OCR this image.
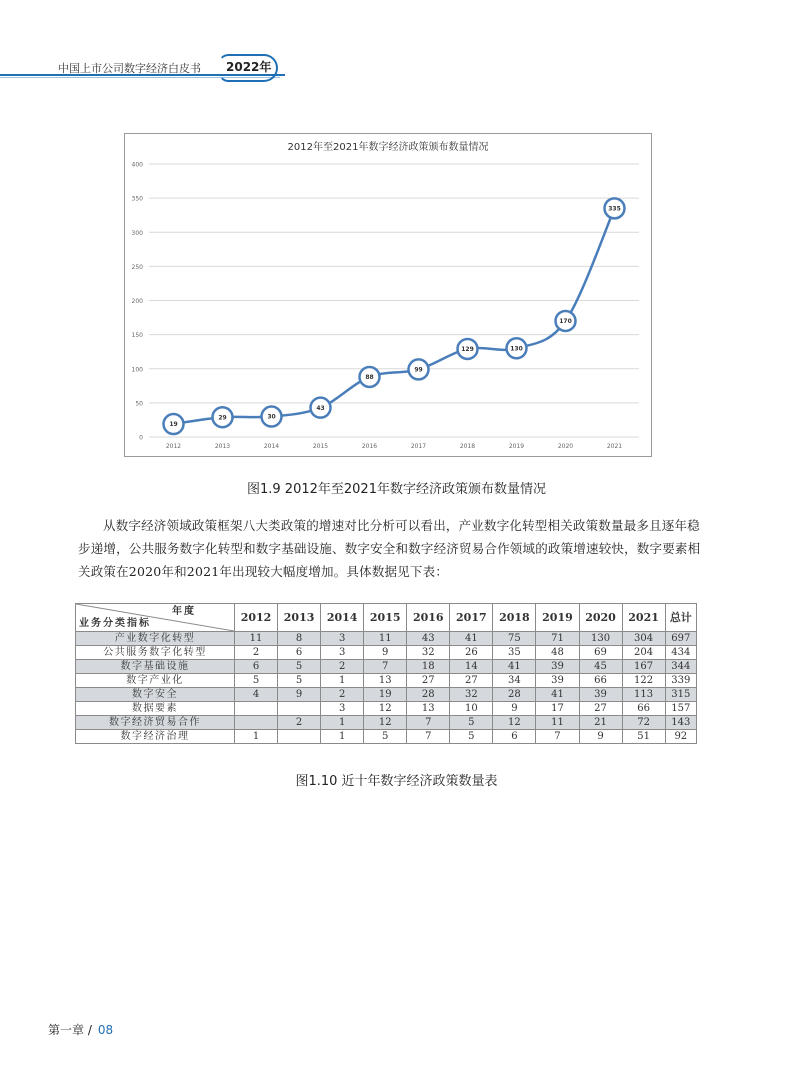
中国上市公司数字经济白皮书 2022年
2012年至2021年数字经济政策颁布数量情况
0
50
100
150
200
250
300
350
400
2012	2013	2014	2015	2016	2017	2018	2019	2020	2021
19
29	30
43
88
99
129	130
170
335
图1.9 2012年至2021年数字经济政策颁布数量情况
从数字经济领域政策框架八大类政策的增速对比分析可以看出，产业数字化转型相关政策数量最多且逐年稳步递增，公共服务数字化转型和数字基础设施、数字安全和数字经济贸易合作领域的政策增速较快，数字要素相关政策在2020年和2021年出现较大幅度增加。具体数据见下表：
年度
业务分类指标	2012	2013	2014	2015	2016	2017	2018	2019	2020	2021	总计
产业数字化转型	11	8	3	11	43	41	75	71	130	304	697
公共服务数字化转型	2	6	3	9	32	26	35	48	69	204	434
数字基础设施	6	5	2	7	18	14	41	39	45	167	344
数字产业化	5	5	1	13	27	27	34	39	66	122	339
数字安全	4	9	2	19	28	32	28	41	39	113	315
数据要素			3	12	13	10	9	17	27	66	157
数字经济贸易合作		2	1	12	7	5	12	11	21	72	143
数字经济治理	1		1	5	7	5	6	7	9	51	92
图1.10 近十年数字经济政策数量表
第一章 / 08
